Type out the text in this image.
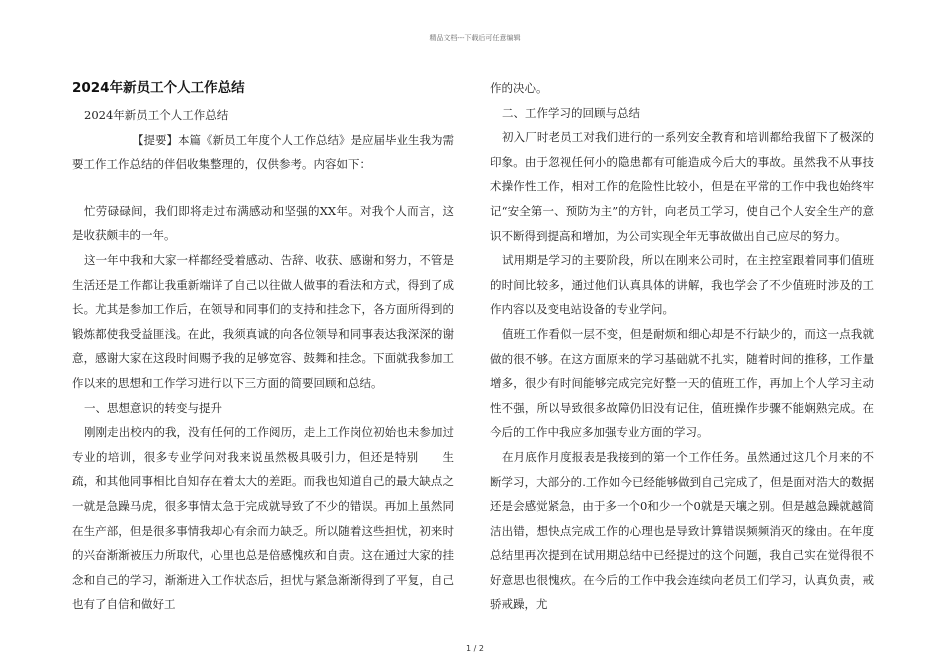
精品文档---下载后可任意编辑
2024年新员工个人工作总结

2024年新员工个人工作总结

【提要】本篇《新员工年度个人工作总结》是应届毕业生我为需要工作工作总结的伴侣收集整理的，仅供参考。内容如下：

忙劳碌碌间，我们即将走过布满感动和坚强的XX年。对我个人而言，这是收获颇丰的一年。

这一年中我和大家一样都经受着感动、告辞、收获、感谢和努力，不管是生活还是工作都让我重新端详了自己以往做人做事的看法和方式，得到了成长。尤其是参加工作后，在领导和同事们的支持和挂念下，各方面所得到的锻炼都使我受益匪浅。在此，我须真诚的向各位领导和同事表达我深深的谢意，感谢大家在这段时间赐予我的足够宽容、鼓舞和挂念。下面就我参加工作以来的思想和工作学习进行以下三方面的简要回顾和总结。

一、思想意识的转变与提升

刚刚走出校内的我，没有任何的工作阅历，走上工作岗位初始也未参加过专业的培训，很多专业学问对我来说虽然极具吸引力，但还是特别　　生疏，和其他同事相比自知存在着太大的差距。而我也知道自己的最大缺点之一就是急躁马虎，很多事情太急于完成就导致了不少的错误。再加上虽然同在生产部，但是很多事情我却心有余而力缺乏。所以随着这些担忧，初来时的兴奋渐渐被压力所取代，心里也总是倍感愧疚和自责。这在通过大家的挂念和自己的学习，渐渐进入工作状态后，担忧与紧急渐渐得到了平复，自己也有了自信和做好工

作的决心。

二、工作学习的回顾与总结

初入厂时老员工对我们进行的一系列安全教育和培训都给我留下了极深的印象。由于忽视任何小的隐患都有可能造成今后大的事故。虽然我不从事技术操作性工作，相对工作的危险性比较小，但是在平常的工作中我也始终牢记“安全第一、预防为主”的方针，向老员工学习，使自己个人安全生产的意识不断得到提高和增加，为公司实现全年无事故做出自己应尽的努力。

试用期是学习的主要阶段，所以在刚来公司时，在主控室跟着同事们值班的时间比较多，通过他们认真具体的讲解，我也学会了不少值班时涉及的工作内容以及变电站设备的专业学问。

值班工作看似一层不变，但是耐烦和细心却是不行缺少的，而这一点我就做的很不够。在这方面原来的学习基础就不扎实，随着时间的推移，工作量增多，很少有时间能够完成完完好整一天的值班工作，再加上个人学习主动性不强，所以导致很多故障仍旧没有记住，值班操作步骤不能娴熟完成。在今后的工作中我应多加强专业方面的学习。

在月底作月度报表是我接到的第一个工作任务。虽然通过这几个月来的不断学习，大部分的.工作如今已经能够做到自己完成了，但是面对浩大的数据还是会感觉紧急，由于多一个0和少一个0就是天壤之别。但是越急躁就越简洁出错，想快点完成工作的心理也是导致计算错误频频消灭的缘由。在年度总结里再次提到在试用期总结中已经提过的这个问题，我自己实在觉得很不好意思也很愧疚。在今后的工作中我会连续向老员工们学习，认真负责，戒骄戒躁，尤

1 / 2
